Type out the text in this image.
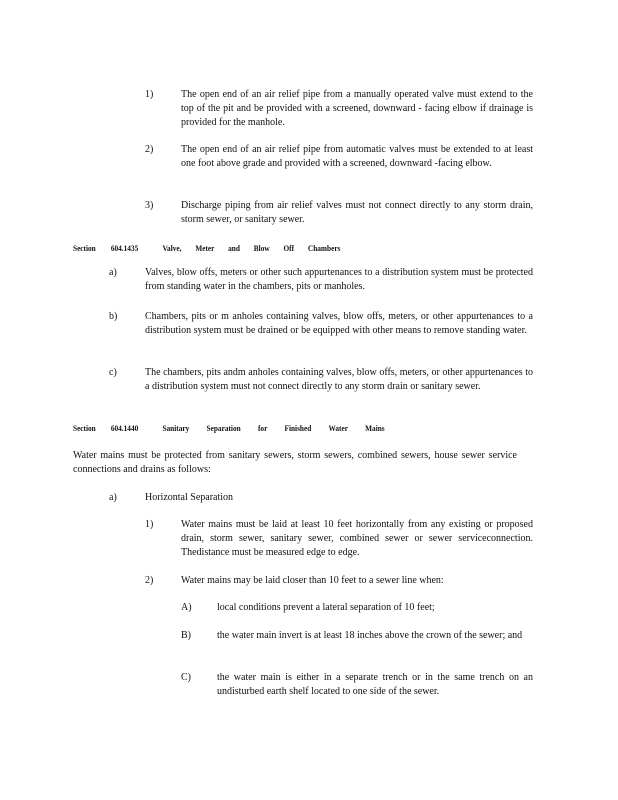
1)	The open end of an air relief pipe from a manually operated valve must extend to the top of the pit and be provided with a screened, downward - facing elbow if drainage is provided for the manhole.
2)	The open end of an air relief pipe from automatic valves must be extended to at least one foot above grade and provided with a screened, downward -facing elbow.
3)	Discharge piping from air relief valves must not connect directly to any storm drain, storm sewer, or sanitary sewer.
Section 604.1435	Valve, Meter and Blow Off Chambers
a)	Valves, blow offs, meters or other such appurtenances to a distribution system must be protected from standing water in the chambers, pits or manholes.
b)	Chambers, pits or m anholes containing valves, blow offs, meters, or other appurtenances to a distribution system must be drained or be equipped with other means to remove standing water.
c)	The chambers, pits andm anholes containing valves, blow offs, meters, or other appurtenances to a distribution system must not connect directly to any storm drain or sanitary sewer.
Section 604.1440	Sanitary Separation for Finished Water Mains
Water mains must be protected from sanitary sewers, storm sewers, combined sewers, house sewer service connections and drains as follows:
a)	Horizontal Separation
1)	Water mains must be laid at least 10 feet horizontally from any existing or proposed drain, storm sewer, sanitary sewer, combined sewer or sewer serviceconnection. Thedistance must be measured edge to edge.
2)	Water mains may be laid closer than 10 feet to a sewer line when:
A)	local conditions prevent a lateral separation of 10 feet;
B)	the water main invert is at least 18 inches above the crown of the sewer; and
C)	the water main is either in a separate trench or in the same trench on an undisturbed earth shelf located to one side of the sewer.
